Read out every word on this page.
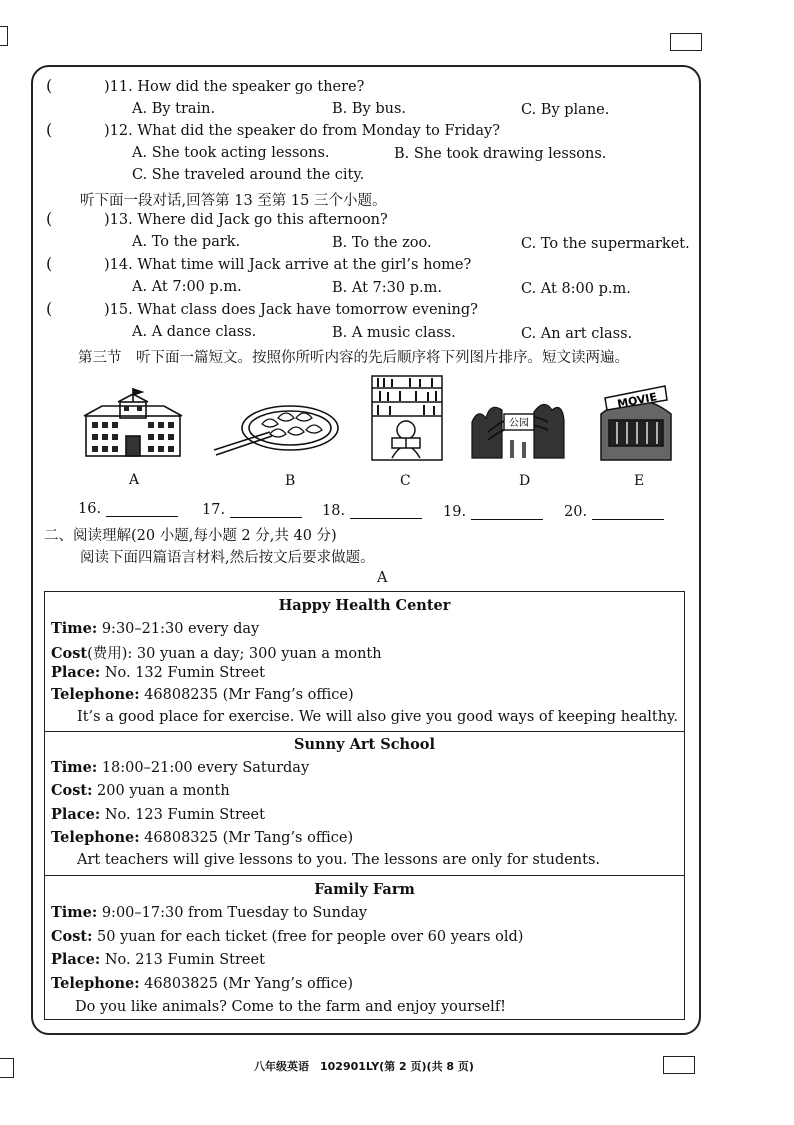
(	)11. How did the speaker go there?
A. By train.	B. By bus.	C. By plane.
(	)12. What did the speaker do from Monday to Friday?
A. She took acting lessons.	B. She took drawing lessons.
C. She traveled around the city.
听下面一段对话,回答第 13 至第 15 三个小题。
(	)13. Where did Jack go this afternoon?
A. To the park.	B. To the zoo.	C. To the supermarket.
(	)14. What time will Jack arrive at the girl’s home?
A. At 7:00 p.m.	B. At 7:30 p.m.	C. At 8:00 p.m.
(	)15. What class does Jack have tomorrow evening?
A. A dance class.	B. A music class.	C. An art class.
第三节　听下面一篇短文。按照你所听内容的先后顺序将下列图片排序。短文读两遍。
公园
MOVIE
A	B	C	D	E
16.	17.	18.	19.	20.
二、阅读理解(20 小题,每小题 2 分,共 40 分)
阅读下面四篇语言材料,然后按文后要求做题。
A
Happy Health Center
Time: 9:30–21:30 every day
Cost(费用): 30 yuan a day; 300 yuan a month
Place: No. 132 Fumin Street
Telephone: 46808235 (Mr Fang’s office)
It’s a good place for exercise. We will also give you good ways of keeping healthy.
Sunny Art School
Time: 18:00–21:00 every Saturday
Cost: 200 yuan a month
Place: No. 123 Fumin Street
Telephone: 46808325 (Mr Tang’s office)
Art teachers will give lessons to you. The lessons are only for students.
Family Farm
Time: 9:00–17:30 from Tuesday to Sunday
Cost: 50 yuan for each ticket (free for people over 60 years old)
Place: No. 213 Fumin Street
Telephone: 46803825 (Mr Yang’s office)
Do you like animals? Come to the farm and enjoy yourself!
八年级英语　102901LY(第 2 页)(共 8 页)
